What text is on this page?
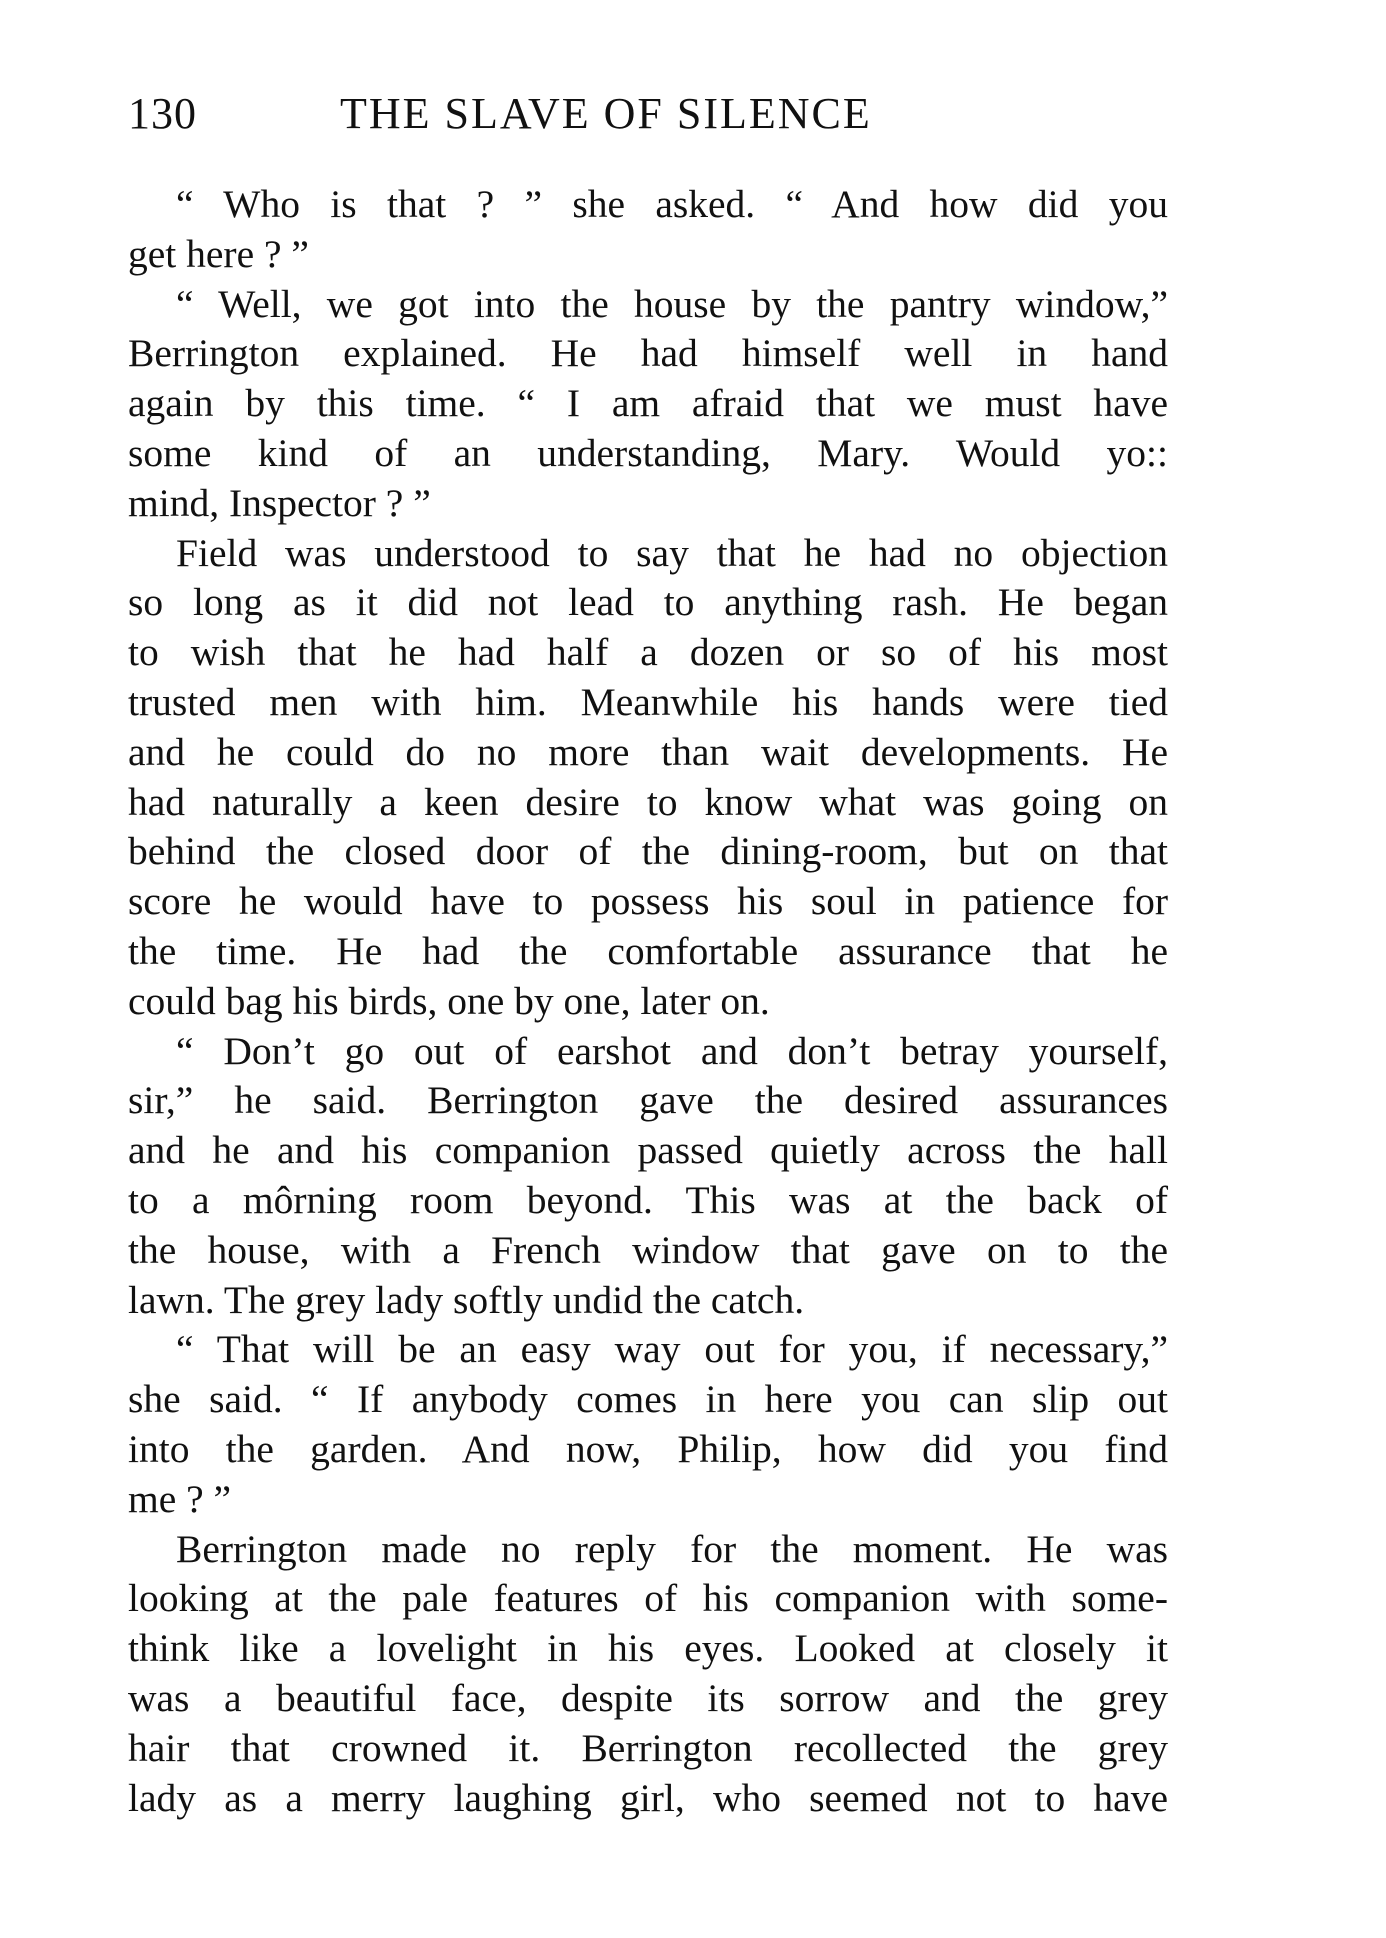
130	THE SLAVE OF SILENCE
“ Who is that ? ” she asked. “ And how did you
get here ? ”
“ Well, we got into the house by the pantry window,”
Berrington explained. He had himself well in hand
again by this time. “ I am afraid that we must have
some kind of an understanding, Mary. Would yo::
mind, Inspector ? ”
Field was understood to say that he had no objection
so long as it did not lead to anything rash. He began
to wish that he had half a dozen or so of his most
trusted men with him. Meanwhile his hands were tied
and he could do no more than wait developments. He
had naturally a keen desire to know what was going on
behind the closed door of the dining-room, but on that
score he would have to possess his soul in patience for
the time. He had the comfortable assurance that he
could bag his birds, one by one, later on.
“ Don’t go out of earshot and don’t betray yourself,
sir,” he said. Berrington gave the desired assurances
and he and his companion passed quietly across the hall
to a môrning room beyond. This was at the back of
the house, with a French window that gave on to the
lawn. The grey lady softly undid the catch.
“ That will be an easy way out for you, if necessary,”
she said. “ If anybody comes in here you can slip out
into the garden. And now, Philip, how did you find
me ? ”
Berrington made no reply for the moment. He was
looking at the pale features of his companion with some-
think like a lovelight in his eyes. Looked at closely it
was a beautiful face, despite its sorrow and the grey
hair that crowned it. Berrington recollected the grey
lady as a merry laughing girl, who seemed not to have
